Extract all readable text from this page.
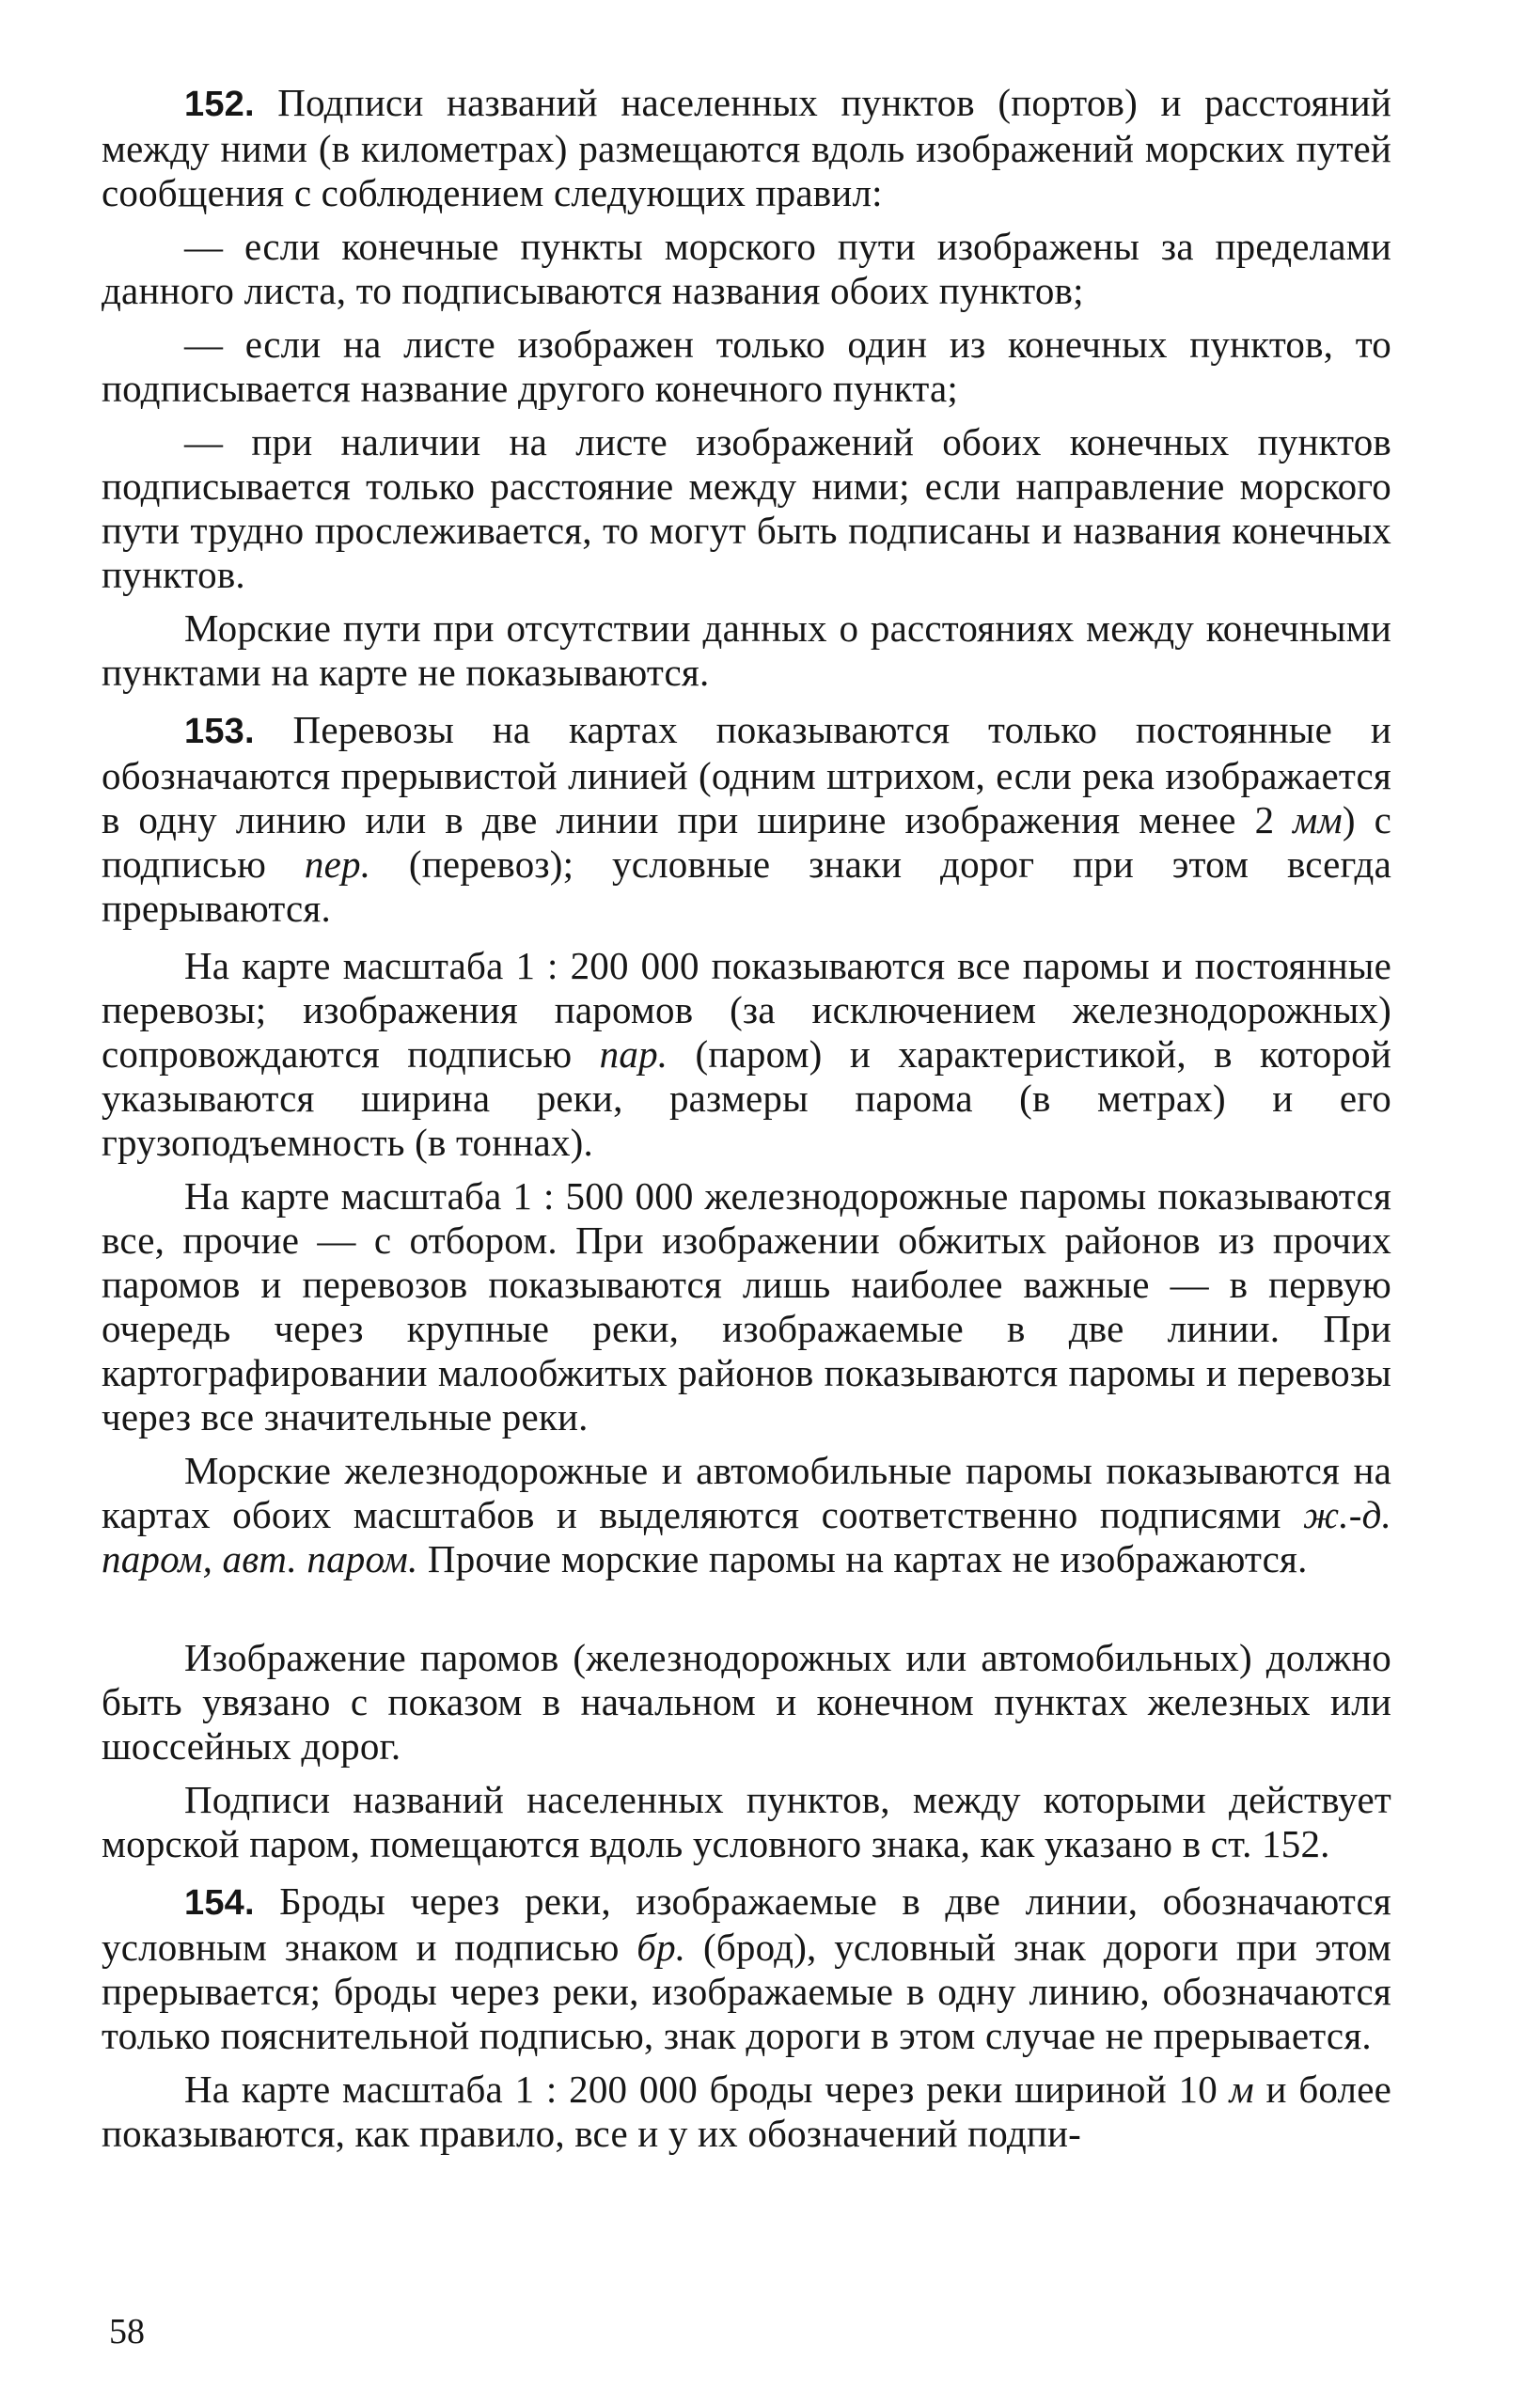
152. Подписи названий населенных пунктов (портов) и расстояний между ними (в километрах) размещаются вдоль изображений морских путей сообщения с соблюдением следующих правил:

— если конечные пункты морского пути изображены за пределами данного листа, то подписываются названия обоих пунктов;

— если на листе изображен только один из конечных пунктов, то подписывается название другого конечного пункта;

— при наличии на листе изображений обоих конечных пунктов подписывается только расстояние между ними; если направление морского пути трудно прослеживается, то могут быть подписаны и названия конечных пунктов.

Морские пути при отсутствии данных о расстояниях между конечными пунктами на карте не показываются.

153. Перевозы на картах показываются только постоянные и обозначаются прерывистой линией (одним штрихом, если река изображается в одну линию или в две линии при ширине изображения менее 2 мм) с подписью пер. (перевоз); условные знаки дорог при этом всегда прерываются.

На карте масштаба 1 : 200 000 показываются все паромы и постоянные перевозы; изображения паромов (за исключением железнодорожных) сопровождаются подписью пар. (паром) и характеристикой, в которой указываются ширина реки, размеры парома (в метрах) и его грузоподъемность (в тоннах).

На карте масштаба 1 : 500 000 железнодорожные паромы показываются все, прочие — с отбором. При изображении обжитых районов из прочих паромов и перевозов показываются лишь наиболее важные — в первую очередь через крупные реки, изображаемые в две линии. При картографировании малообжитых районов показываются паромы и перевозы через все значительные реки.

Морские железнодорожные и автомобильные паромы показываются на картах обоих масштабов и выделяются соответственно подписями ж.-д. паром, авт. паром. Прочие морские паромы на картах не изображаются.

Изображение паромов (железнодорожных или автомобильных) должно быть увязано с показом в начальном и конечном пунктах железных или шоссейных дорог.

Подписи названий населенных пунктов, между которыми действует морской паром, помещаются вдоль условного знака, как указано в ст. 152.

154. Броды через реки, изображаемые в две линии, обозначаются условным знаком и подписью бр. (брод), условный знак дороги при этом прерывается; броды через реки, изображаемые в одну линию, обозначаются только пояснительной подписью, знак дороги в этом случае не прерывается.

На карте масштаба 1 : 200 000 броды через реки шириной 10 м и более показываются, как правило, все и у их обозначений подпи-

58
